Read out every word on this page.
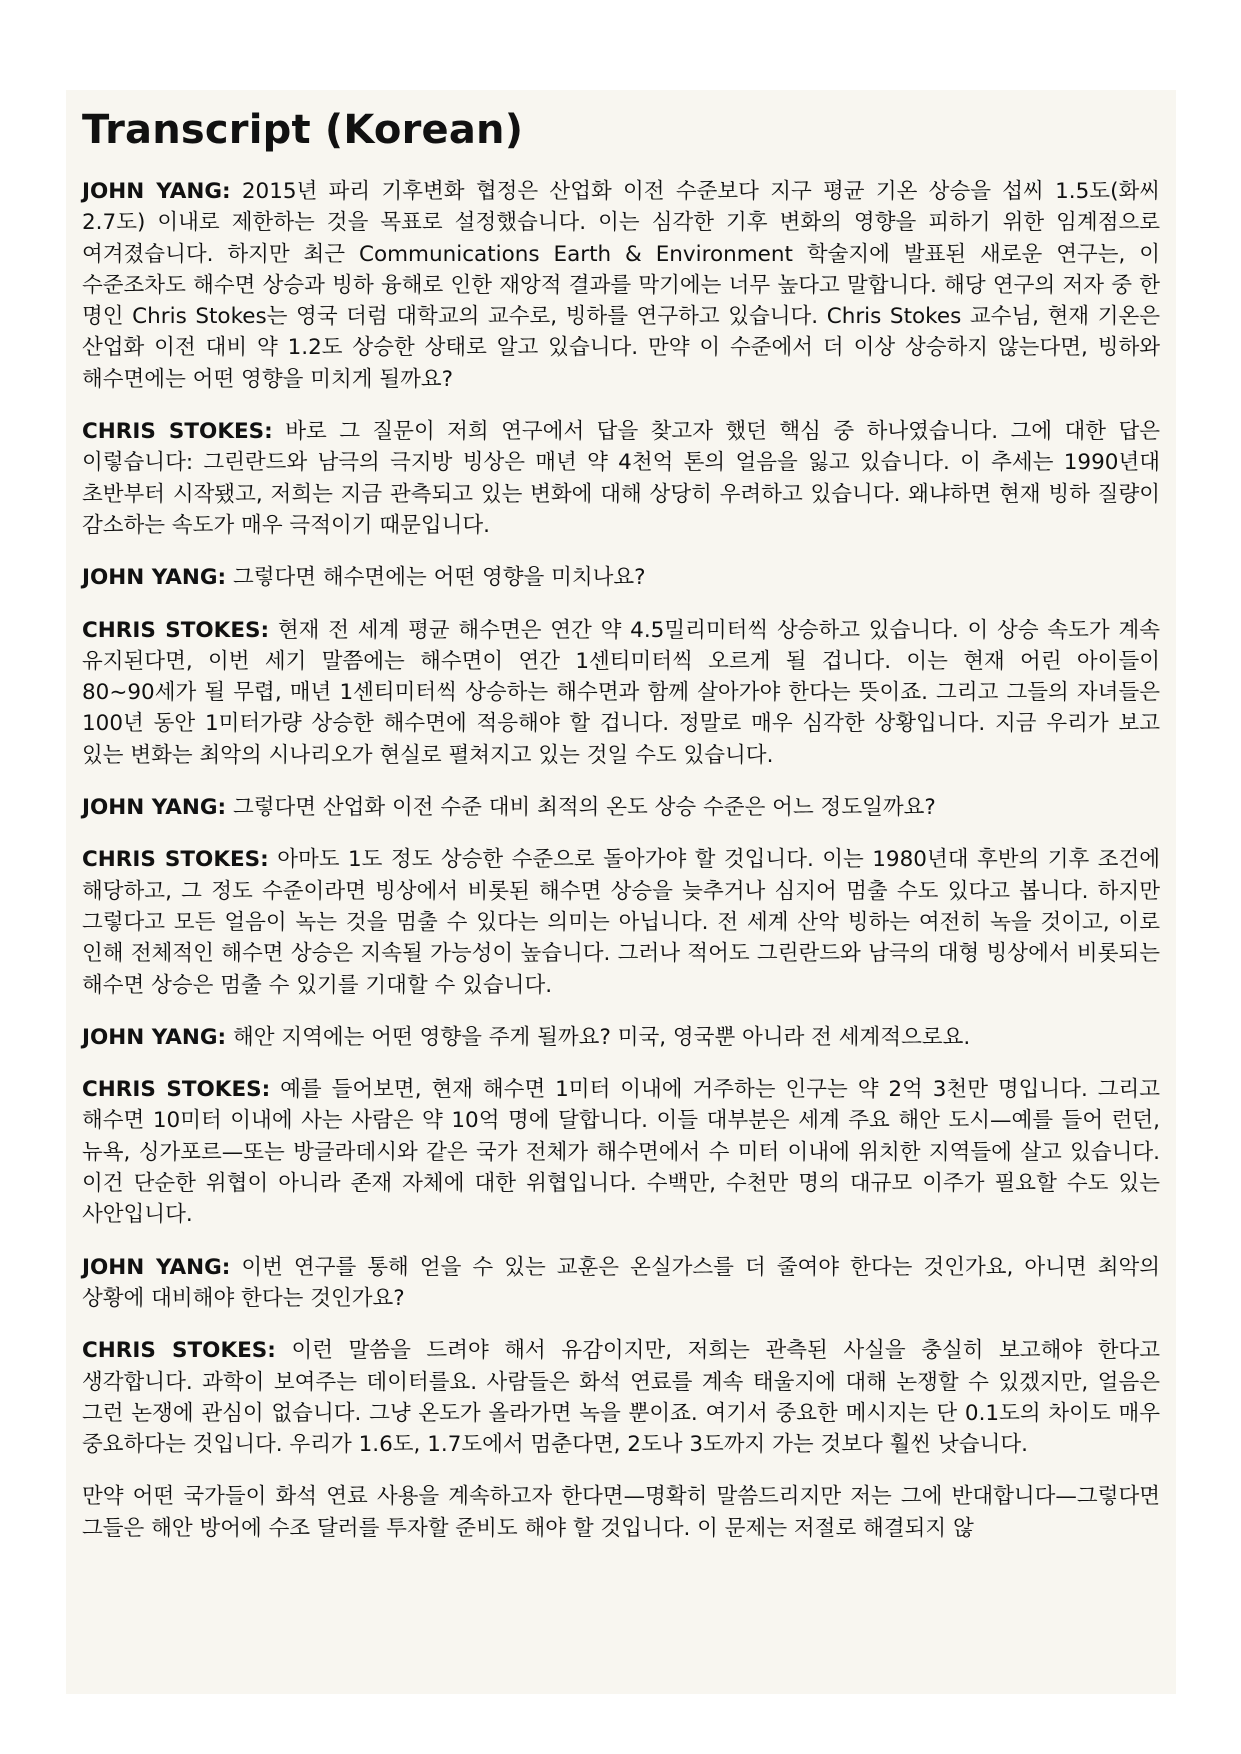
Transcript (Korean)

JOHN YANG: 2015년 파리 기후변화 협정은 산업화 이전 수준보다 지구 평균 기온 상승을 섭씨 1.5도(화씨 2.7도) 이내로 제한하는 것을 목표로 설정했습니다. 이는 심각한 기후 변화의 영향을 피하기 위한 임계점으로 여겨졌습니다. 하지만 최근 Communications Earth & Environment 학술지에 발표된 새로운 연구는, 이 수준조차도 해수면 상승과 빙하 융해로 인한 재앙적 결과를 막기에는 너무 높다고 말합니다. 해당 연구의 저자 중 한 명인 Chris Stokes는 영국 더럼 대학교의 교수로, 빙하를 연구하고 있습니다. Chris Stokes 교수님, 현재 기온은 산업화 이전 대비 약 1.2도 상승한 상태로 알고 있습니다. 만약 이 수준에서 더 이상 상승하지 않는다면, 빙하와 해수면에는 어떤 영향을 미치게 될까요?

CHRIS STOKES: 바로 그 질문이 저희 연구에서 답을 찾고자 했던 핵심 중 하나였습니다. 그에 대한 답은 이렇습니다: 그린란드와 남극의 극지방 빙상은 매년 약 4천억 톤의 얼음을 잃고 있습니다. 이 추세는 1990년대 초반부터 시작됐고, 저희는 지금 관측되고 있는 변화에 대해 상당히 우려하고 있습니다. 왜냐하면 현재 빙하 질량이 감소하는 속도가 매우 극적이기 때문입니다.

JOHN YANG: 그렇다면 해수면에는 어떤 영향을 미치나요?

CHRIS STOKES: 현재 전 세계 평균 해수면은 연간 약 4.5밀리미터씩 상승하고 있습니다. 이 상승 속도가 계속 유지된다면, 이번 세기 말쯤에는 해수면이 연간 1센티미터씩 오르게 될 겁니다. 이는 현재 어린 아이들이 80~90세가 될 무렵, 매년 1센티미터씩 상승하는 해수면과 함께 살아가야 한다는 뜻이죠. 그리고 그들의 자녀들은 100년 동안 1미터가량 상승한 해수면에 적응해야 할 겁니다. 정말로 매우 심각한 상황입니다. 지금 우리가 보고 있는 변화는 최악의 시나리오가 현실로 펼쳐지고 있는 것일 수도 있습니다.

JOHN YANG: 그렇다면 산업화 이전 수준 대비 최적의 온도 상승 수준은 어느 정도일까요?

CHRIS STOKES: 아마도 1도 정도 상승한 수준으로 돌아가야 할 것입니다. 이는 1980년대 후반의 기후 조건에 해당하고, 그 정도 수준이라면 빙상에서 비롯된 해수면 상승을 늦추거나 심지어 멈출 수도 있다고 봅니다. 하지만 그렇다고 모든 얼음이 녹는 것을 멈출 수 있다는 의미는 아닙니다. 전 세계 산악 빙하는 여전히 녹을 것이고, 이로 인해 전체적인 해수면 상승은 지속될 가능성이 높습니다. 그러나 적어도 그린란드와 남극의 대형 빙상에서 비롯되는 해수면 상승은 멈출 수 있기를 기대할 수 있습니다.

JOHN YANG: 해안 지역에는 어떤 영향을 주게 될까요? 미국, 영국뿐 아니라 전 세계적으로요.

CHRIS STOKES: 예를 들어보면, 현재 해수면 1미터 이내에 거주하는 인구는 약 2억 3천만 명입니다. 그리고 해수면 10미터 이내에 사는 사람은 약 10억 명에 달합니다. 이들 대부분은 세계 주요 해안 도시—예를 들어 런던, 뉴욕, 싱가포르—또는 방글라데시와 같은 국가 전체가 해수면에서 수 미터 이내에 위치한 지역들에 살고 있습니다. 이건 단순한 위협이 아니라 존재 자체에 대한 위협입니다. 수백만, 수천만 명의 대규모 이주가 필요할 수도 있는 사안입니다.

JOHN YANG: 이번 연구를 통해 얻을 수 있는 교훈은 온실가스를 더 줄여야 한다는 것인가요, 아니면 최악의 상황에 대비해야 한다는 것인가요?

CHRIS STOKES: 이런 말씀을 드려야 해서 유감이지만, 저희는 관측된 사실을 충실히 보고해야 한다고 생각합니다. 과학이 보여주는 데이터를요. 사람들은 화석 연료를 계속 태울지에 대해 논쟁할 수 있겠지만, 얼음은 그런 논쟁에 관심이 없습니다. 그냥 온도가 올라가면 녹을 뿐이죠. 여기서 중요한 메시지는 단 0.1도의 차이도 매우 중요하다는 것입니다. 우리가 1.6도, 1.7도에서 멈춘다면, 2도나 3도까지 가는 것보다 훨씬 낫습니다.

만약 어떤 국가들이 화석 연료 사용을 계속하고자 한다면—명확히 말씀드리지만 저는 그에 반대합니다—그렇다면 그들은 해안 방어에 수조 달러를 투자할 준비도 해야 할 것입니다. 이 문제는 저절로 해결되지 않
